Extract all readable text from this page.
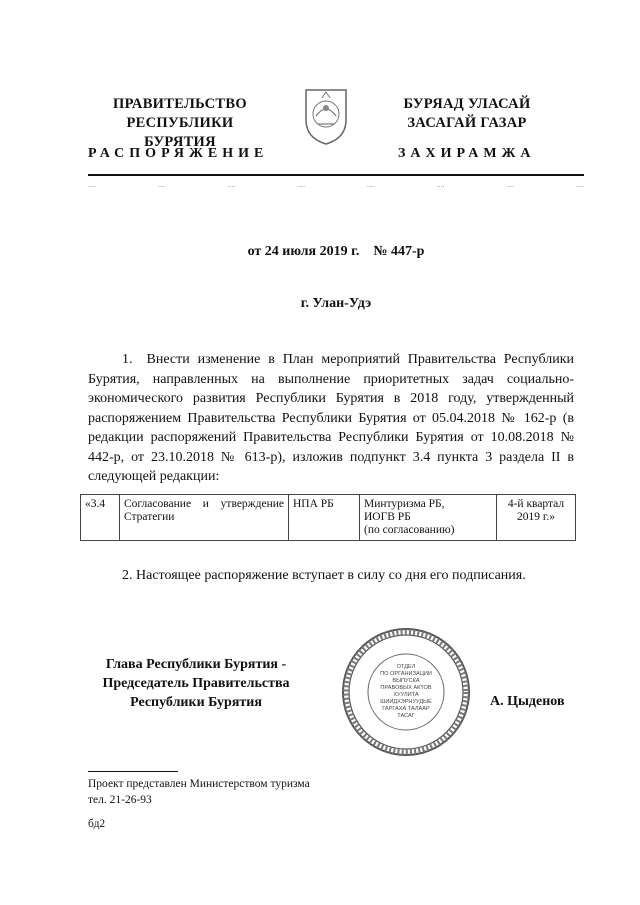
ПРАВИТЕЛЬСТВО
РЕСПУБЛИКИ БУРЯТИЯ
БУРЯАД УЛАСАЙ
ЗАСАГАЙ ГАЗАР
РАСПОРЯЖЕНИЕ	ЗАХИРАМЖА
....	....	....	....	....	....	....	....
от 24 июля 2019 г.    № 447-р
г. Улан-Удэ
1. Внести изменение в План мероприятий Правительства Республики Бурятия, направленных на выполнение приоритетных задач социально-экономического развития Республики Бурятия в 2018 году, утвержденный распоряжением Правительства Республики Бурятия от 05.04.2018 № 162-р (в редакции распоряжений Правительства Республики Бурятия от 10.08.2018 № 442-р, от 23.10.2018 № 613-р), изложив подпункт 3.4 пункта 3 раздела II в следующей редакции:
«3.4	Согласование и утверждение Стратегии	НПА РБ	Минтуризма РБ,
ИОГВ РБ
(по согласованию)	4-й квартал
2019 г.»
2. Настоящее распоряжение вступает в силу со дня его подписания.
Глава Республики Бурятия -
Председатель Правительства
Республики Бурятия
ОТДЕЛ
ПО ОРГАНИЗАЦИИ
ВЫПУСКА
ПРАВОВЫХ АКТОВ
ХУУЛИТА
ШИИДХЭРНУУДЫЕ
ГАРГАХА ТАЛААР
ТАСАГ
А. Цыденов
Проект представлен Министерством туризма
тел. 21-26-93
бд2
